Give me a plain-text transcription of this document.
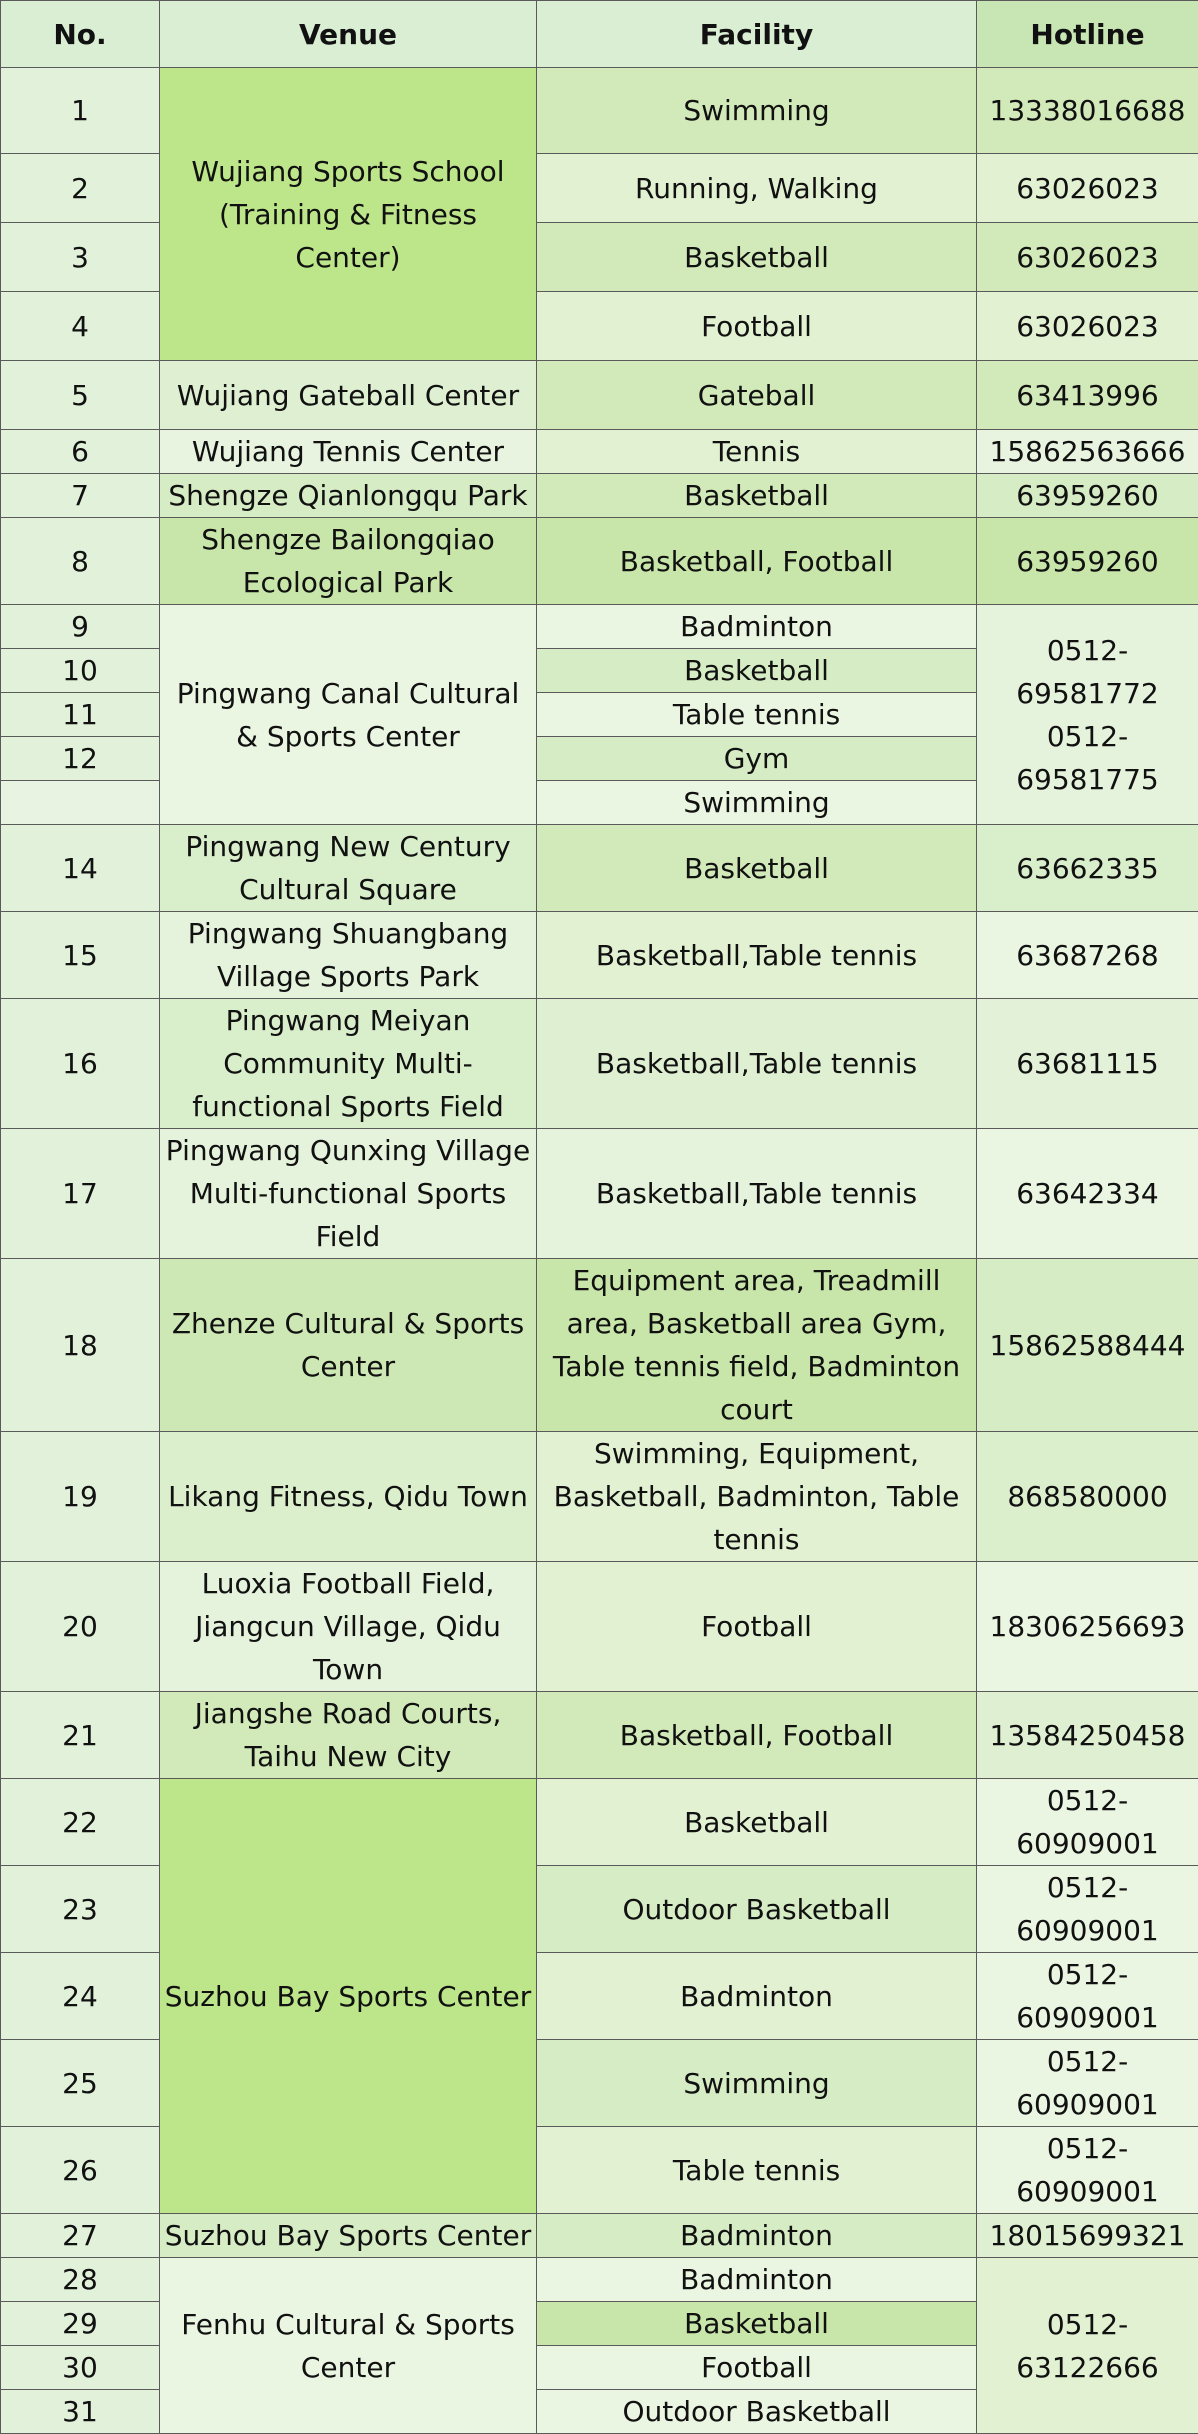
No.	Venue	Facility	Hotline
1	Wujiang Sports School (Training & Fitness Center)	Swimming	13338016688
2		Running, Walking	63026023
3		Basketball	63026023
4		Football	63026023
5	Wujiang Gateball Center	Gateball	63413996
6	Wujiang Tennis Center	Tennis	15862563666
7	Shengze Qianlongqu Park	Basketball	63959260
8	Shengze Bailongqiao Ecological Park	Basketball, Football	63959260
9	Pingwang Canal Cultural & Sports Center	Badminton	0512-69581772 0512-69581775
10		Basketball	
11		Table tennis	
12		Gym	
		Swimming	
14	Pingwang New Century Cultural Square	Basketball	63662335
15	Pingwang Shuangbang Village Sports Park	Basketball,Table tennis	63687268
16	Pingwang Meiyan Community Multi-functional Sports Field	Basketball,Table tennis	63681115
17	Pingwang Qunxing Village Multi-functional Sports Field	Basketball,Table tennis	63642334
18	Zhenze Cultural & Sports Center	Equipment area, Treadmill area, Basketball area Gym, Table tennis field, Badminton court	15862588444
19	Likang Fitness, Qidu Town	Swimming, Equipment, Basketball, Badminton, Table tennis	868580000
20	Luoxia Football Field, Jiangcun Village, Qidu Town	Football	18306256693
21	Jiangshe Road Courts, Taihu New City	Basketball, Football	13584250458
22	Suzhou Bay Sports Center	Basketball	0512-60909001
23		Outdoor Basketball	0512-60909001
24		Badminton	0512-60909001
25		Swimming	0512-60909001
26		Table tennis	0512-60909001
27	Suzhou Bay Sports Center	Badminton	18015699321
28	Fenhu Cultural & Sports Center	Badminton	0512-63122666
29		Basketball	
30		Football	
31		Outdoor Basketball	
